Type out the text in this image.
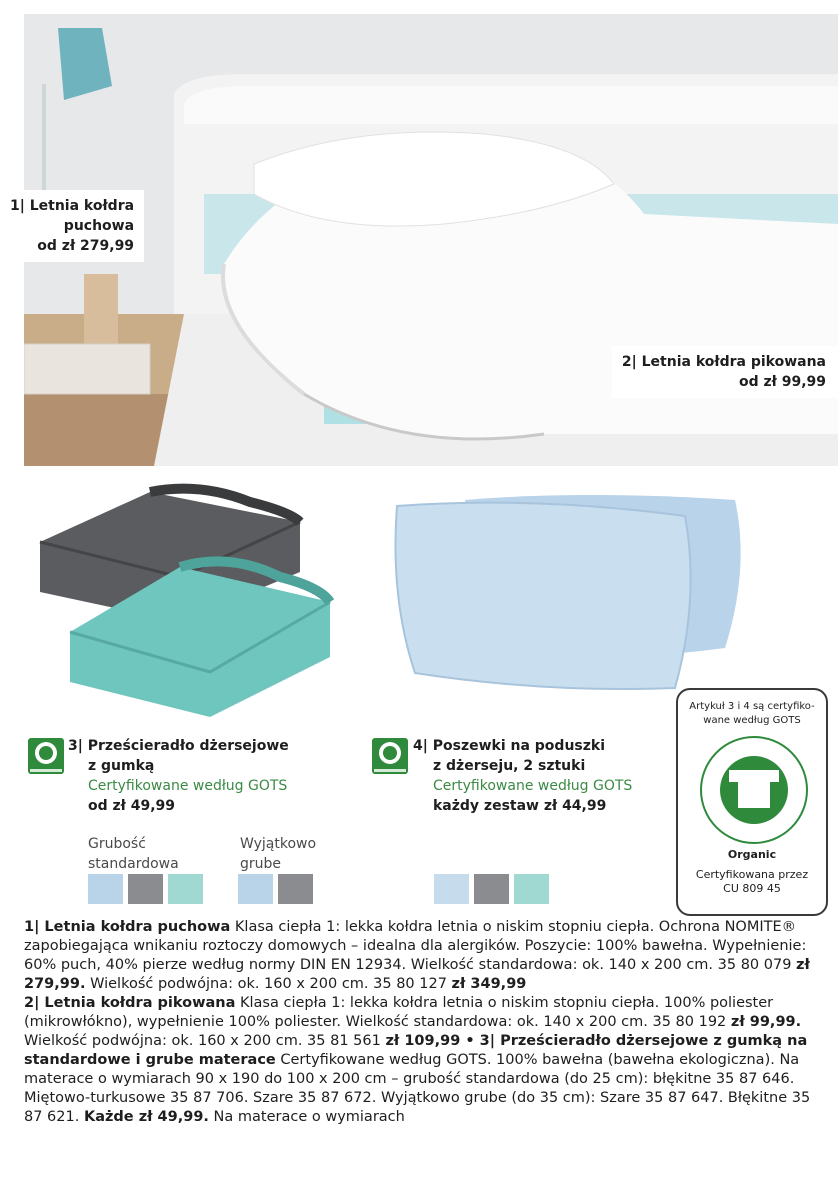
1| Letnia kołdra
puchowa
od zł 279,99
2| Letnia kołdra pikowana
od zł 99,99
3| Prześcieradło dżersejowe
z gumką
Certyfikowane według GOTS
od zł 49,99
4| Poszewki na poduszki
z dżerseju, 2 sztuki
Certyfikowane według GOTS
każdy zestaw zł 44,99
Grubość
standardowa
Wyjątkowo
grube
Artykuł 3 i 4 są certyfiko-wane według GOTS
Organic
Certyfikowana przez
CU 809 45
1| Letnia kołdra puchowa Klasa ciepła 1: lekka kołdra letnia o niskim stopniu ciepła. Ochrona NOMITE® zapobiegająca wnikaniu roztoczy domowych – idealna dla alergików. Poszycie: 100% bawełna. Wypełnienie: 60% puch, 40% pierze według normy DIN EN 12934. Wielkość standardowa: ok. 140 x 200 cm. 35 80 079 zł 279,99. Wielkość podwójna: ok. 160 x 200 cm. 35 80 127 zł 349,99
2| Letnia kołdra pikowana Klasa ciepła 1: lekka kołdra letnia o niskim stopniu ciepła. 100% poliester (mikrowłókno), wypełnienie 100% poliester. Wielkość standardowa: ok. 140 x 200 cm. 35 80 192 zł 99,99. Wielkość podwójna: ok. 160 x 200 cm. 35 81 561 zł 109,99 • 3| Prześcieradło dżersejowe z gumką na standardowe i grube materace Certyfikowane według GOTS. 100% bawełna (bawełna ekologiczna). Na materace o wymiarach 90 x 190 do 100 x 200 cm – grubość standardowa (do 25 cm): błękitne 35 87 646. Miętowo-turkusowe 35 87 706. Szare 35 87 672. Wyjątkowo grube (do 35 cm): Szare 35 87 647. Błękitne 35 87 621. Każde zł 49,99. Na materace o wymiarach
